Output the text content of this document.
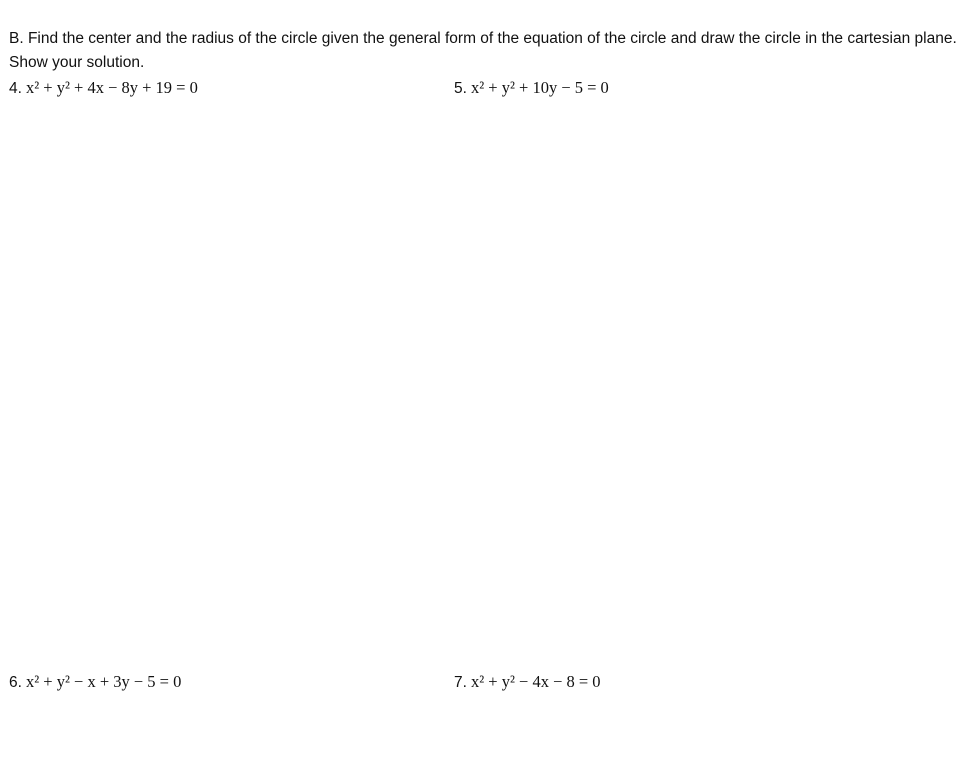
B. Find the center and the radius of the circle given the general form of the equation of the circle and draw the circle in the cartesian plane. Show your solution.

4. x² + y² + 4x − 8y + 19 = 0	5. x² + y² + 10y − 5 = 0
6. x² + y² − x + 3y − 5 = 0	7. x² + y² − 4x − 8 = 0
